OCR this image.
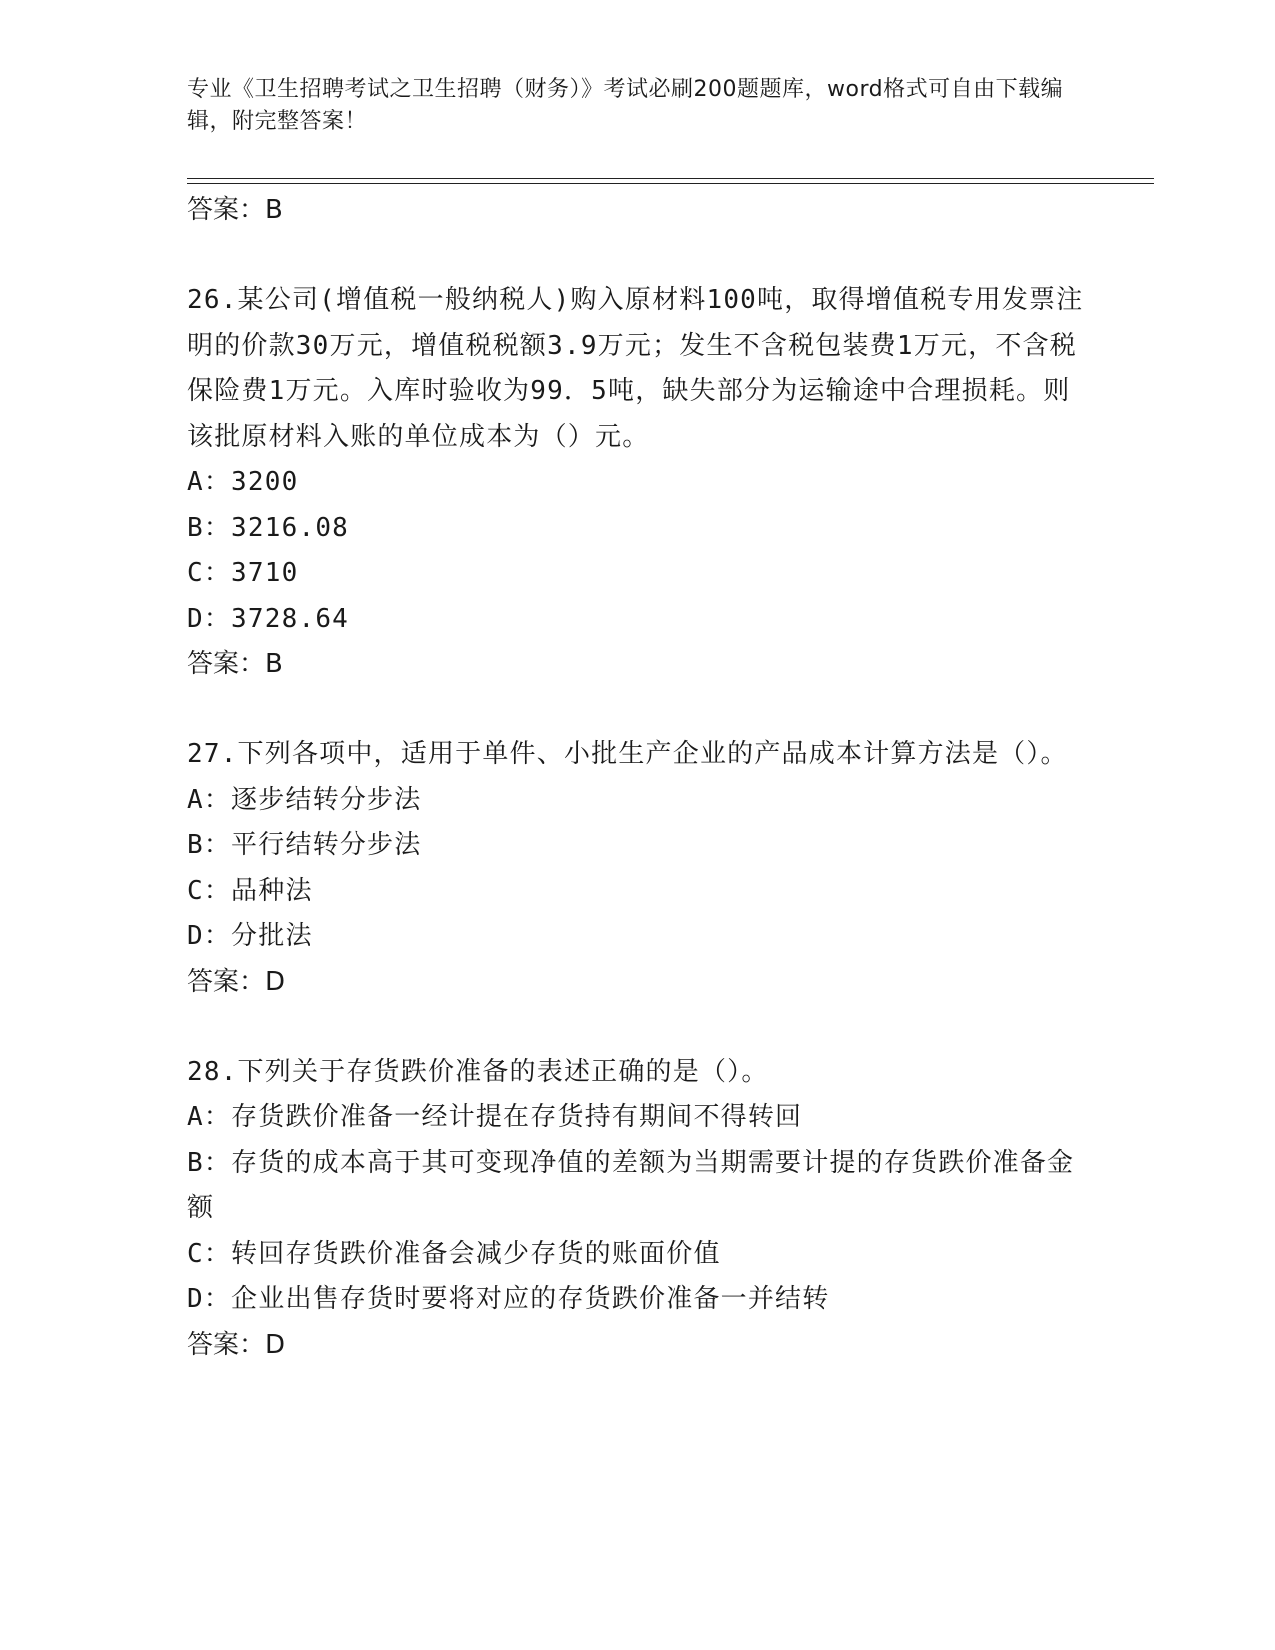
专业《卫生招聘考试之卫生招聘（财务）》考试必刷200题题库，word格式可自由下载编辑，附完整答案！
答案：B
26.某公司(增值税一般纳税人)购入原材料100吨，取得增值税专用发票注明的价款30万元，增值税税额3.9万元；发生不含税包装费1万元，不含税保险费1万元。入库时验收为99．5吨，缺失部分为运输途中合理损耗。则该批原材料入账的单位成本为（）元。
A：3200
B：3216.08
C：3710
D：3728.64
答案：B
27.下列各项中，适用于单件、小批生产企业的产品成本计算方法是（）。
A：逐步结转分步法
B：平行结转分步法
C：品种法
D：分批法
答案：D
28.下列关于存货跌价准备的表述正确的是（）。
A：存货跌价准备一经计提在存货持有期间不得转回
B：存货的成本高于其可变现净值的差额为当期需要计提的存货跌价准备金额
C：转回存货跌价准备会减少存货的账面价值
D：企业出售存货时要将对应的存货跌价准备一并结转
答案：D
